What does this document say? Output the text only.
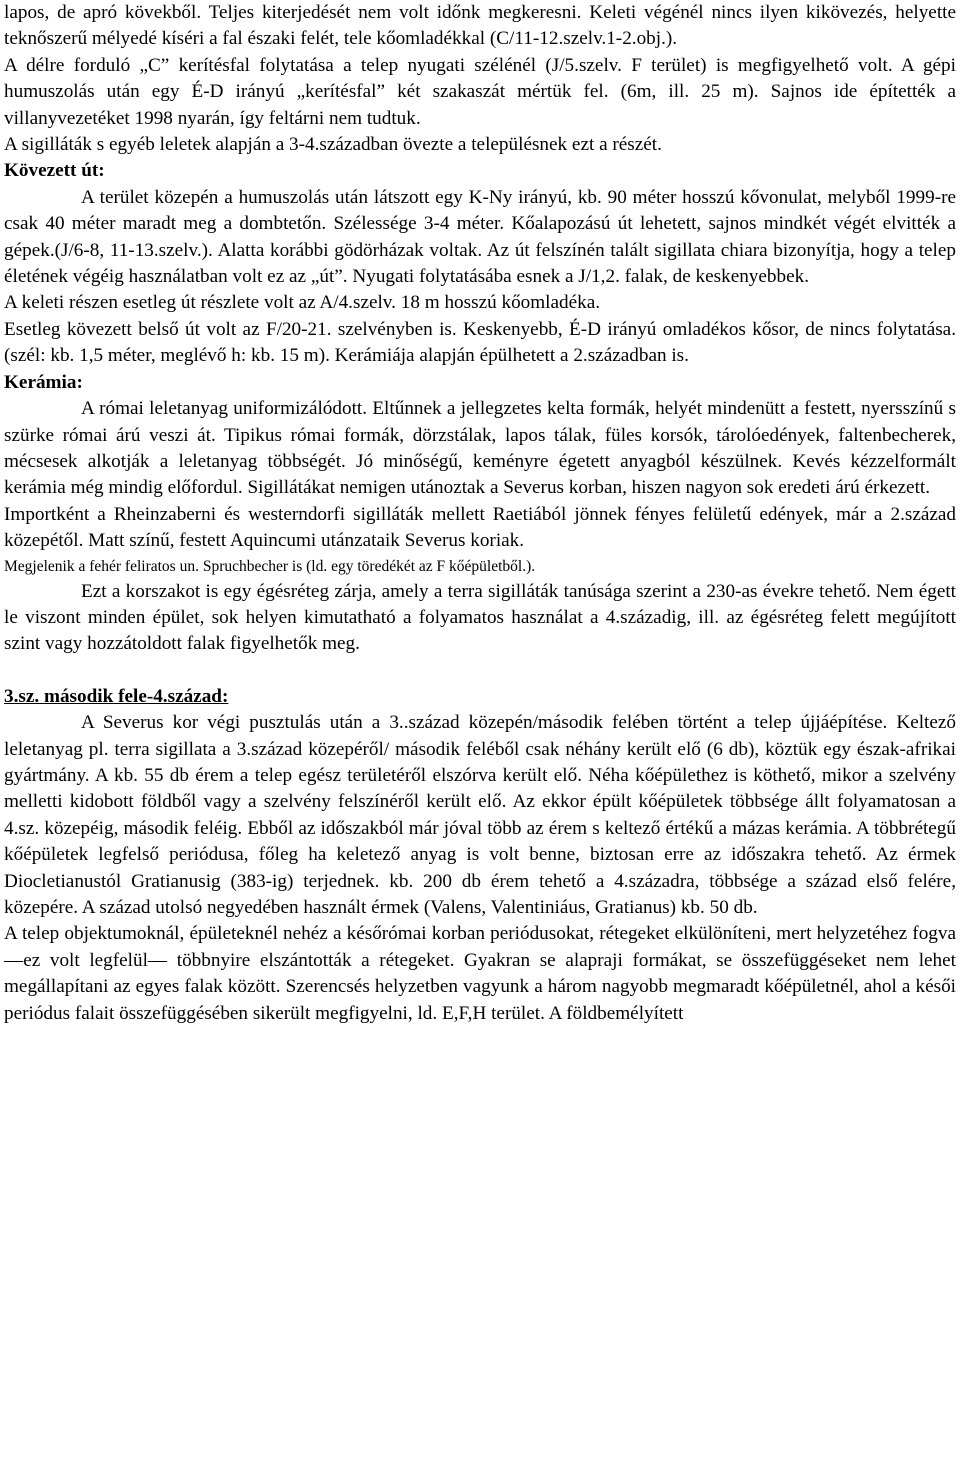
lapos, de apró kövekből. Teljes kiterjedését nem volt időnk megkeresni. Keleti végénél nincs ilyen kikövezés, helyette teknőszerű mélyedé kíséri a fal északi felét, tele kőomladékkal (C/11-12.szelv.1-2.obj.).

A délre forduló „C” kerítésfal folytatása a telep nyugati szélénél (J/5.szelv. F terület) is megfigyelhető volt. A gépi humuszolás után egy É-D irányú „kerítésfal” két szakaszát mértük fel. (6m, ill. 25 m). Sajnos ide építették a villanyvezetéket 1998 nyarán, így feltárni nem tudtuk.

A sigilláták s egyéb leletek alapján a 3-4.században övezte a településnek ezt a részét.

Kövezett út:

A terület közepén a humuszolás után látszott egy K-Ny irányú, kb. 90 méter hosszú kővonulat, melyből 1999-re csak 40 méter maradt meg a dombtetőn. Szélessége 3-4 méter. Kőalapozású út lehetett, sajnos mindkét végét elvitték a gépek.(J/6-8, 11-13.szelv.). Alatta korábbi gödörházak voltak. Az út felszínén talált sigillata chiara bizonyítja, hogy a telep életének végéig használatban volt ez az „út”. Nyugati folytatásába esnek a J/1,2. falak, de keskenyebbek.

A keleti részen esetleg út részlete volt az A/4.szelv. 18 m hosszú kőomladéka.

Esetleg kövezett belső út volt az F/20-21. szelvényben is. Keskenyebb, É-D irányú omladékos kősor, de nincs folytatása. (szél: kb. 1,5 méter, meglévő h: kb. 15 m). Kerámiája alapján épülhetett a 2.században is.

Kerámia:

A római leletanyag uniformizálódott. Eltűnnek a jellegzetes kelta formák, helyét mindenütt a festett, nyersszínű s szürke római árú veszi át. Tipikus római formák, dörzstálak, lapos tálak, füles korsók, tárolóedények, faltenbecherek, mécsesek alkotják a leletanyag többségét. Jó minőségű, keményre égetett anyagból készülnek. Kevés kézzelformált kerámia még mindig előfordul. Sigillátákat nemigen utánoztak a Severus korban, hiszen nagyon sok eredeti árú érkezett.

Importként a Rheinzaberni és westerndorfi sigilláták mellett Raetiából jönnek fényes felületű edények, már a 2.század közepétől. Matt színű, festett Aquincumi utánzataik Severus koriak.

Megjelenik a fehér feliratos un. Spruchbecher is (ld. egy töredékét az F kőépületből.).

Ezt a korszakot is egy égésréteg zárja, amely a terra sigilláták tanúsága szerint a 230-as évekre tehető. Nem égett le viszont minden épület, sok helyen kimutatható a folyamatos használat a 4.századig, ill. az égésréteg felett megújított szint vagy hozzátoldott falak figyelhetők meg.

3.sz. második fele-4.század:

A Severus kor végi pusztulás után a 3..század közepén/második felében történt a telep újjáépítése. Keltező leletanyag pl. terra sigillata a 3.század közepéről/ második feléből csak néhány került elő (6 db), köztük egy észak-afrikai gyártmány. A kb. 55 db érem a telep egész területéről elszórva került elő. Néha kőépülethez is köthető, mikor a szelvény melletti kidobott földből vagy a szelvény felszínéről került elő. Az ekkor épült kőépületek többsége állt folyamatosan a 4.sz. közepéig, második feléig. Ebből az időszakból már jóval több az érem s keltező értékű a mázas kerámia. A többrétegű kőépületek legfelső periódusa, főleg ha keletező anyag is volt benne, biztosan erre az időszakra tehető. Az érmek Diocletianustól Gratianusig (383-ig) terjednek. kb. 200 db érem tehető a 4.századra, többsége a század első felére, közepére. A század utolsó negyedében használt érmek (Valens, Valentiniáus, Gratianus) kb. 50 db.

A telep objektumoknál, épületeknél nehéz a későrómai korban periódusokat, rétegeket elkülöníteni, mert helyzetéhez fogva —ez volt legfelül— többnyire elszántották a rétegeket. Gyakran se alapraji formákat, se összefüggéseket nem lehet megállapítani az egyes falak között. Szerencsés helyzetben vagyunk a három nagyobb megmaradt kőépületnél, ahol a késői periódus falait összefüggésében sikerült megfigyelni, ld. E,F,H terület. A földbemélyített
